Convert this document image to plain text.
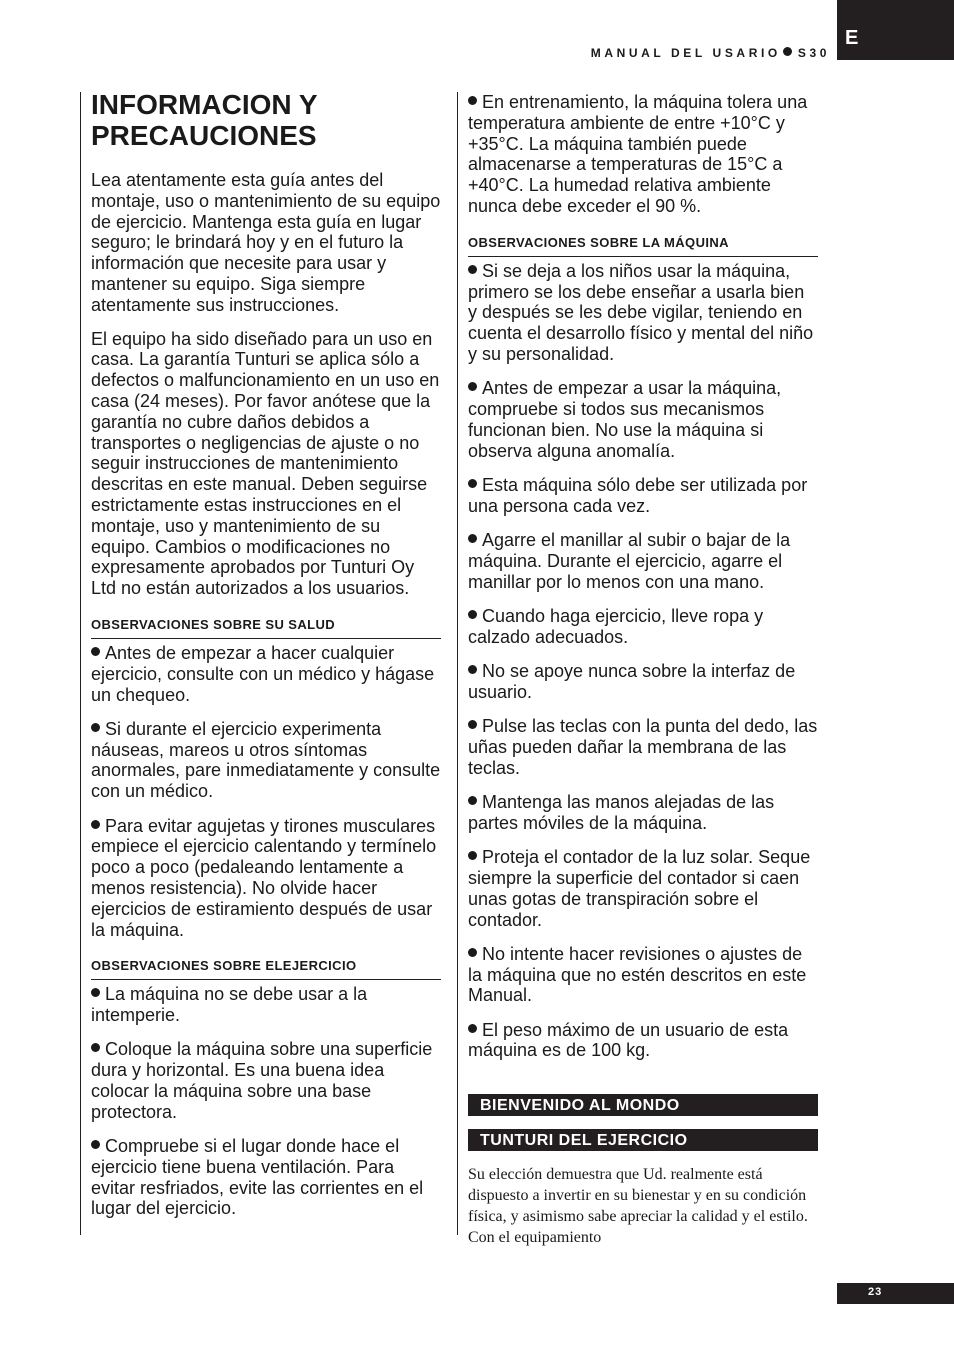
E
MANUAL DEL USARIO S30
INFORMACION Y
PRECAUCIONES

Lea atentamente esta guía antes del montaje, uso o mantenimiento de su equipo de ejercicio. Mantenga esta guía en lugar seguro; le brindará hoy y en el futuro la información que necesite para usar y mantener su equipo. Siga siempre atentamente sus instrucciones.

El equipo ha sido diseñado para un uso en casa. La garantía Tunturi se aplica sólo a defectos o malfuncionamiento en un uso en casa (24 meses). Por favor anótese que la garantía no cubre daños debidos a transportes o negligencias de ajuste o no seguir instrucciones de mantenimiento descritas en este manual. Deben seguirse estrictamente estas instrucciones en el montaje, uso y mantenimiento de su equipo. Cambios o modificaciones no expresamente aprobados por Tunturi Oy Ltd no están autorizados a los usuarios.

OBSERVACIONES SOBRE SU SALUD

Antes de empezar a hacer cualquier ejercicio, consulte con un médico y hágase un chequeo.

Si durante el ejercicio experimenta náuseas, mareos u otros síntomas anormales, pare inmediatamente y consulte con un médico.

Para evitar agujetas y tirones musculares empiece el ejercicio calentando y termínelo poco a poco (pedaleando lentamente a menos resistencia). No olvide hacer ejercicios de estiramiento después de usar la máquina.

OBSERVACIONES SOBRE ELEJERCICIO

La máquina no se debe usar a la intemperie.

Coloque la máquina sobre una superficie dura y horizontal. Es una buena idea colocar la máquina sobre una base protectora.

Compruebe si el lugar donde hace el ejercicio tiene buena ventilación. Para evitar resfriados, evite las corrientes en el lugar del ejercicio.

En entrenamiento, la máquina tolera una temperatura ambiente de entre +10°C y +35°C. La máquina también puede almacenarse a temperaturas de 15°C a +40°C. La humedad relativa ambiente nunca debe exceder el 90 %.

OBSERVACIONES SOBRE LA MÁQUINA

Si se deja a los niños usar la máquina, primero se los debe enseñar a usarla bien y después se les debe vigilar, teniendo en cuenta el desarrollo físico y mental del niño y su personalidad.

Antes de empezar a usar la máquina, compruebe si todos sus mecanismos funcionan bien. No use la máquina si observa alguna anomalía.

Esta máquina sólo debe ser utilizada por una persona cada vez.

Agarre el manillar al subir o bajar de la máquina. Durante el ejercicio, agarre el manillar por lo menos con una mano.

Cuando haga ejercicio, lleve ropa y calzado adecuados.

No se apoye nunca sobre la interfaz de usuario.

Pulse las teclas con la punta del dedo, las uñas pueden dañar la membrana de las teclas.

Mantenga las manos alejadas de las partes móviles de la máquina.

Proteja el contador de la luz solar. Seque siempre la superficie del contador si caen unas gotas de transpiración sobre el contador.

No intente hacer revisiones o ajustes de la máquina que no estén descritos en este Manual.

El peso máximo de un usuario de esta máquina es de 100 kg.

BIENVENIDO AL MONDO
TUNTURI DEL EJERCICIO

Su elección demuestra que Ud. realmente está dispuesto a invertir en su bienestar y en su condición física, y asimismo sabe apreciar la calidad y el estilo. Con el equipamiento

23
